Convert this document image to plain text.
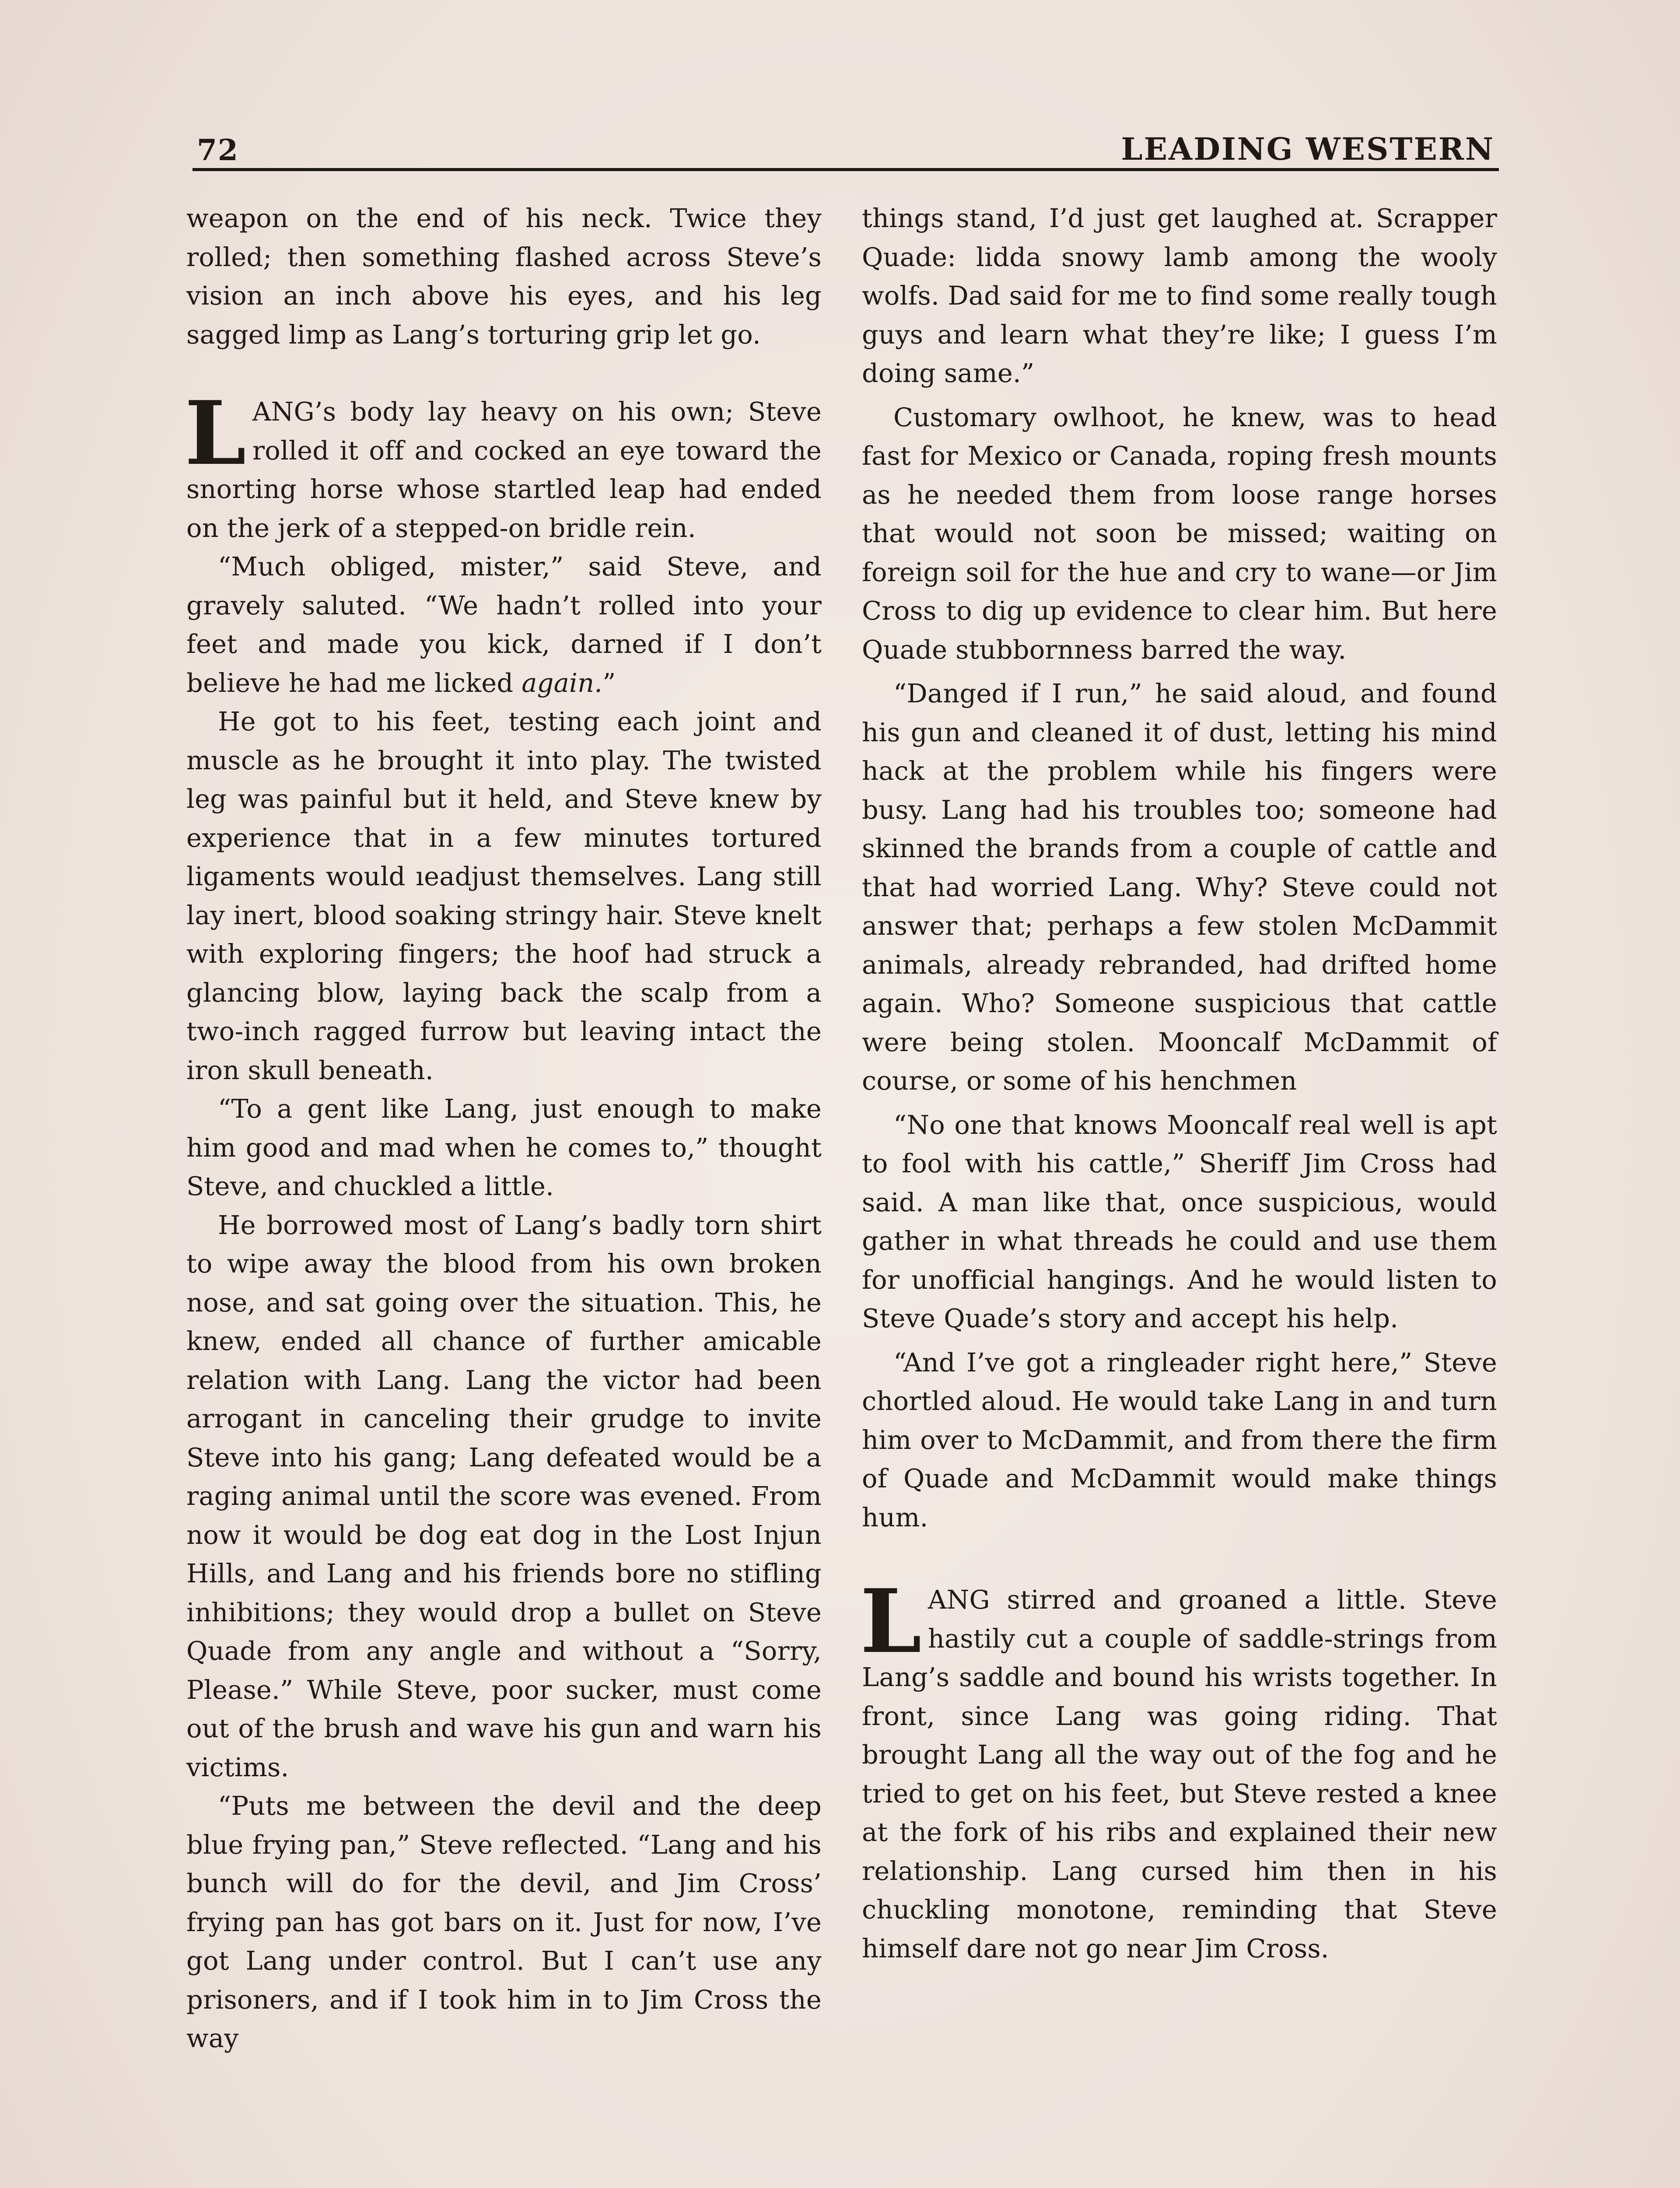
72	LEADING WESTERN

weapon on the end of his neck. Twice they rolled; then something flashed across Steve’s vision an inch above his eyes, and his leg sagged limp as Lang’s torturing grip let go.

LANG’s body lay heavy on his own; Steve rolled it off and cocked an eye toward the snorting horse whose startled leap had ended on the jerk of a stepped-on bridle rein.

“Much obliged, mister,” said Steve, and gravely saluted. “We hadn’t rolled into your feet and made you kick, darned if I don’t believe he had me licked again.”

He got to his feet, testing each joint and muscle as he brought it into play. The twisted leg was painful but it held, and Steve knew by experience that in a few minutes tortured ligaments would ıeadjust themselves. Lang still lay inert, blood soaking stringy hair. Steve knelt with exploring fingers; the hoof had struck a glancing blow, laying back the scalp from a two-inch ragged furrow but leaving intact the iron skull beneath.

“To a gent like Lang, just enough to make him good and mad when he comes to,” thought Steve, and chuckled a little.

He borrowed most of Lang’s badly torn shirt to wipe away the blood from his own broken nose, and sat going over the situation. This, he knew, ended all chance of further amicable relation with Lang. Lang the victor had been arrogant in canceling their grudge to invite Steve into his gang; Lang defeated would be a raging animal until the score was evened. From now it would be dog eat dog in the Lost Injun Hills, and Lang and his friends bore no stifling inhibitions; they would drop a bullet on Steve Quade from any angle and without a “Sorry, Please.” While Steve, poor sucker, must come out of the brush and wave his gun and warn his victims.

“Puts me between the devil and the deep blue frying pan,” Steve reflected. “Lang and his bunch will do for the devil, and Jim Cross’ frying pan has got bars on it. Just for now, I’ve got Lang under control. But I can’t use any prisoners, and if I took him in to Jim Cross the way

things stand, I’d just get laughed at. Scrapper Quade: lidda snowy lamb among the wooly wolfs. Dad said for me to find some really tough guys and learn what they’re like; I guess I’m doing same.”

Customary owlhoot, he knew, was to head fast for Mexico or Canada, roping fresh mounts as he needed them from loose range horses that would not soon be missed; waiting on foreign soil for the hue and cry to wane—or Jim Cross to dig up evidence to clear him. But here Quade stubbornness barred the way.

“Danged if I run,” he said aloud, and found his gun and cleaned it of dust, letting his mind hack at the problem while his fingers were busy. Lang had his troubles too; someone had skinned the brands from a couple of cattle and that had worried Lang. Why? Steve could not answer that; perhaps a few stolen McDammit animals, already rebranded, had drifted home again. Who? Someone suspicious that cattle were being stolen. Mooncalf McDammit of course, or some of his henchmen

“No one that knows Mooncalf real well is apt to fool with his cattle,” Sheriff Jim Cross had said. A man like that, once suspicious, would gather in what threads he could and use them for unofficial hangings. And he would listen to Steve Quade’s story and accept his help.

“And I’ve got a ringleader right here,” Steve chortled aloud. He would take Lang in and turn him over to McDammit, and from there the firm of Quade and McDammit would make things hum.

LANG stirred and groaned a little. Steve hastily cut a couple of saddle-strings from Lang’s saddle and bound his wrists together. In front, since Lang was going riding. That brought Lang all the way out of the fog and he tried to get on his feet, but Steve rested a knee at the fork of his ribs and explained their new relationship. Lang cursed him then in his chuckling monotone, reminding that Steve himself dare not go near Jim Cross.
